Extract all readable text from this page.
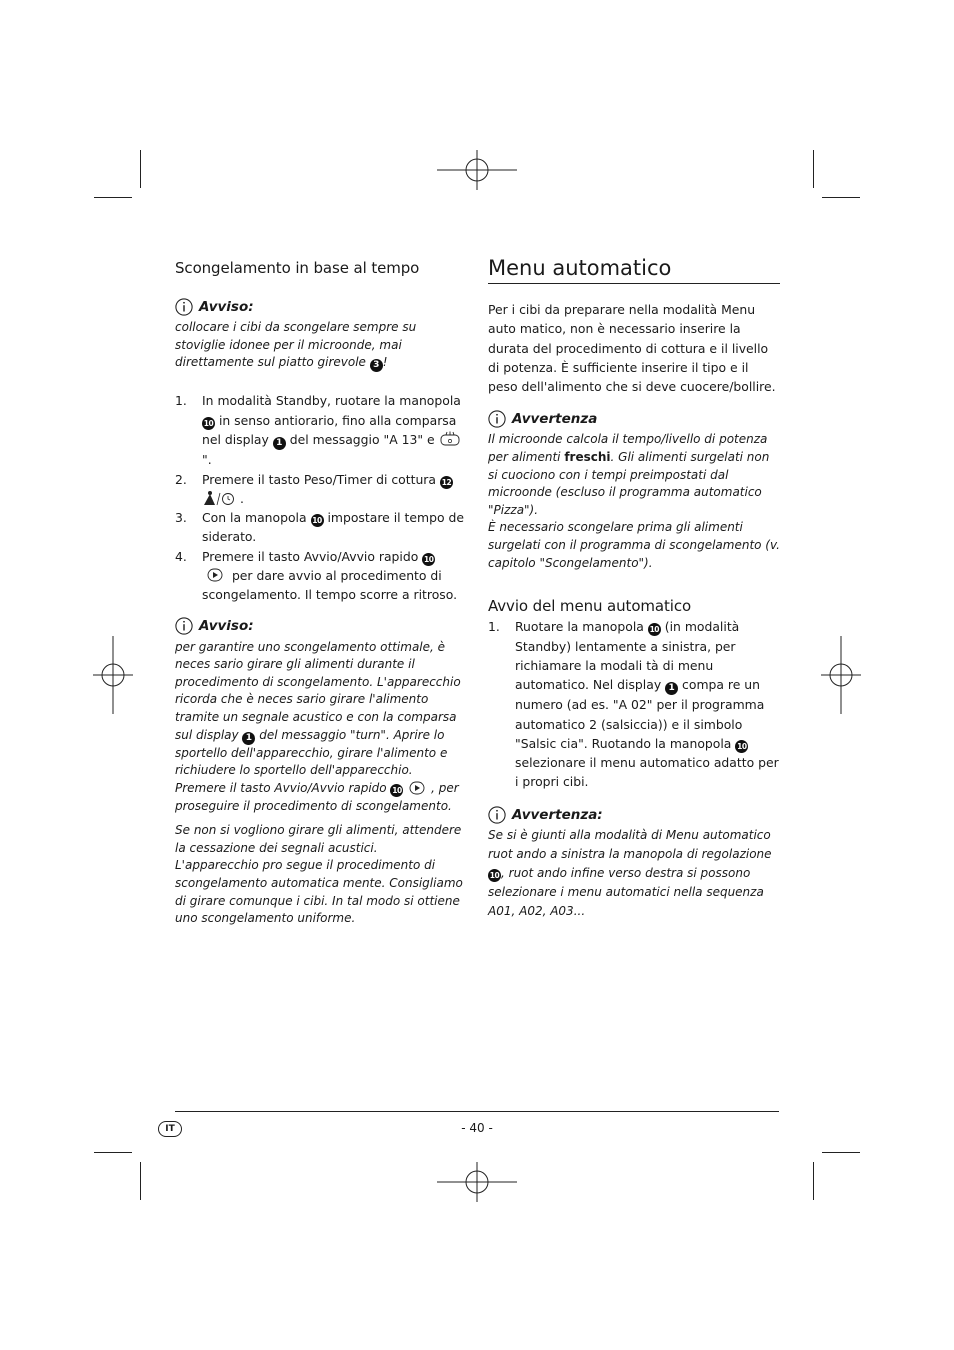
Scongelamento in base al tempo
Avviso:

collocare i cibi da scongelare sempre su stoviglie idonee per il microonde, mai direttamente sul piatto girevole 3 !

1. In modalità Standby, ruotare la manopola 10 in senso antiorario, fino alla comparsa nel display 1 del messaggio "A 13" e  ".
2. Premere il tasto Peso/Timer di cottura 12
.
3. Con la manopola 10 impostare il tempo de siderato.
4. Premere il tasto Avvio/Avvio rapido 10  per dare avvio al procedimento di scongelamento. Il tempo scorre a ritroso.
Avviso:

per garantire uno scongelamento ottimale, è neces sario girare gli alimenti durante il procedimento di scongelamento. L'apparecchio ricorda che è neces sario girare l'alimento tramite un segnale acustico e con la comparsa sul display 1 del messaggio "turn". Aprire lo sportello dell'apparecchio, girare l'alimento e richiudere lo sportello dell'apparecchio. Premere il tasto Avvio/Avvio rapido 10  , per proseguire il procedimento di scongelamento.

Se non si vogliono girare gli alimenti, attendere la cessazione dei segnali acustici. L'apparecchio pro segue il procedimento di scongelamento automatica mente. Consigliamo di girare comunque i cibi. In tal modo si ottiene uno scongelamento uniforme.

Menu automatico

Per i cibi da preparare nella modalità Menu auto matico, non è necessario inserire la durata del procedimento di cottura e il livello di potenza. È sufficiente inserire il tipo e il peso dell'alimento che si deve cuocere/bollire.

Avvertenza

Il microonde calcola il tempo/livello di potenza per alimenti freschi. Gli alimenti surgelati non si cuociono con i tempi preimpostati dal microonde (escluso il programma automatico "Pizza").
È necessario scongelare prima gli alimenti surgelati con il programma di scongelamento (v. capitolo "Scongelamento").

Avvio del menu automatico
1. Ruotare la manopola 10 (in modalità Standby) lentamente a sinistra, per richiamare la modali tà di menu automatico. Nel display 1 compa re un numero (ad es. "A 02" per il programma automatico 2 (salsiccia)) e il simbolo "Salsic cia". Ruotando la manopola 10 selezionare il menu automatico adatto per i propri cibi.
Avvertenza:

Se si è giunti alla modalità di Menu automatico ruot ando a sinistra la manopola di regolazione 10 , ruot ando infine verso destra si possono selezionare i menu automatici nella sequenza A01, A02, A03...

IT	- 40 -
